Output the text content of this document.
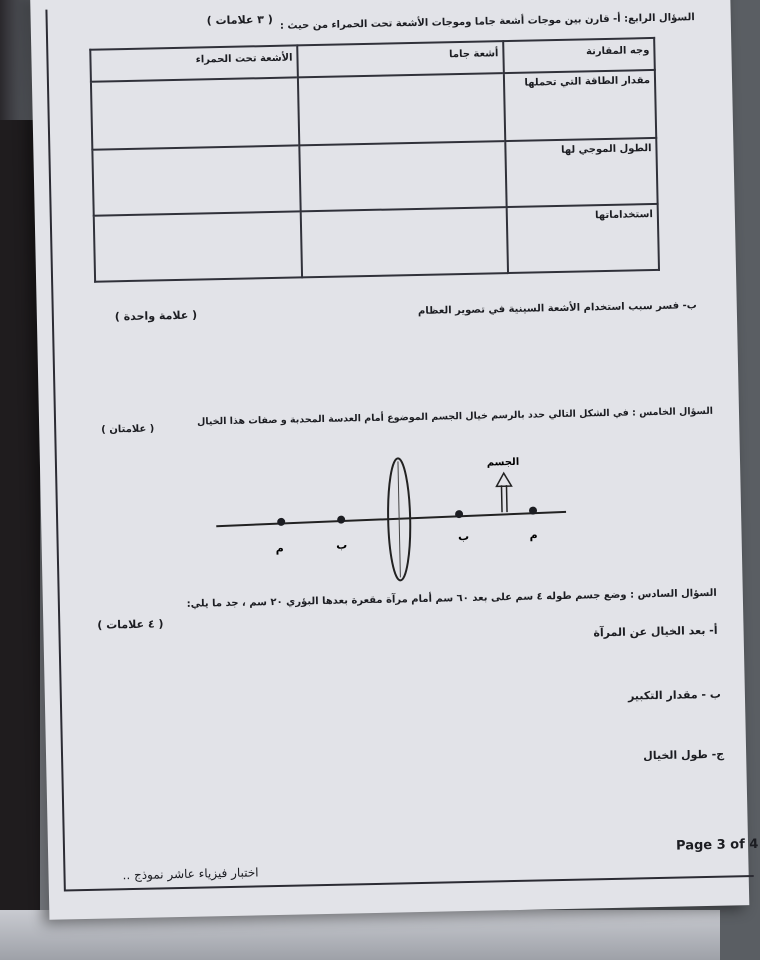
السؤال الرابع: أ- قارن بين موجات أشعة جاما وموجات الأشعة تحت الحمراء من حيث :
( ٣ علامات )
وجه المقارنة	أشعة جاما	الأشعة تحت الحمراء
مقدار الطاقة التي تحملها		
الطول الموجي لها		
استخداماتها		
ب- فسر سبب استخدام الأشعة السينية في تصوير العظام
( علامة واحدة )
السؤال الخامس : في الشكل التالي حدد بالرسم خيال الجسم الموضوع أمام العدسة المحدبة و صفات هذا الخيال
( علامتان )
الجسم
م	ب
ب	م
السؤال السادس : وضع جسم طوله ٤ سم على بعد ٦٠ سم أمام مرآة مقعرة بعدها البؤري ٢٠ سم ، جد ما يلي:
( ٤ علامات )	أ- بعد الخيال عن المرآة
ب - مقدار التكبير
ج- طول الخيال
Page 3 of 4
اختبار فيزياء عاشر نموذج ..
